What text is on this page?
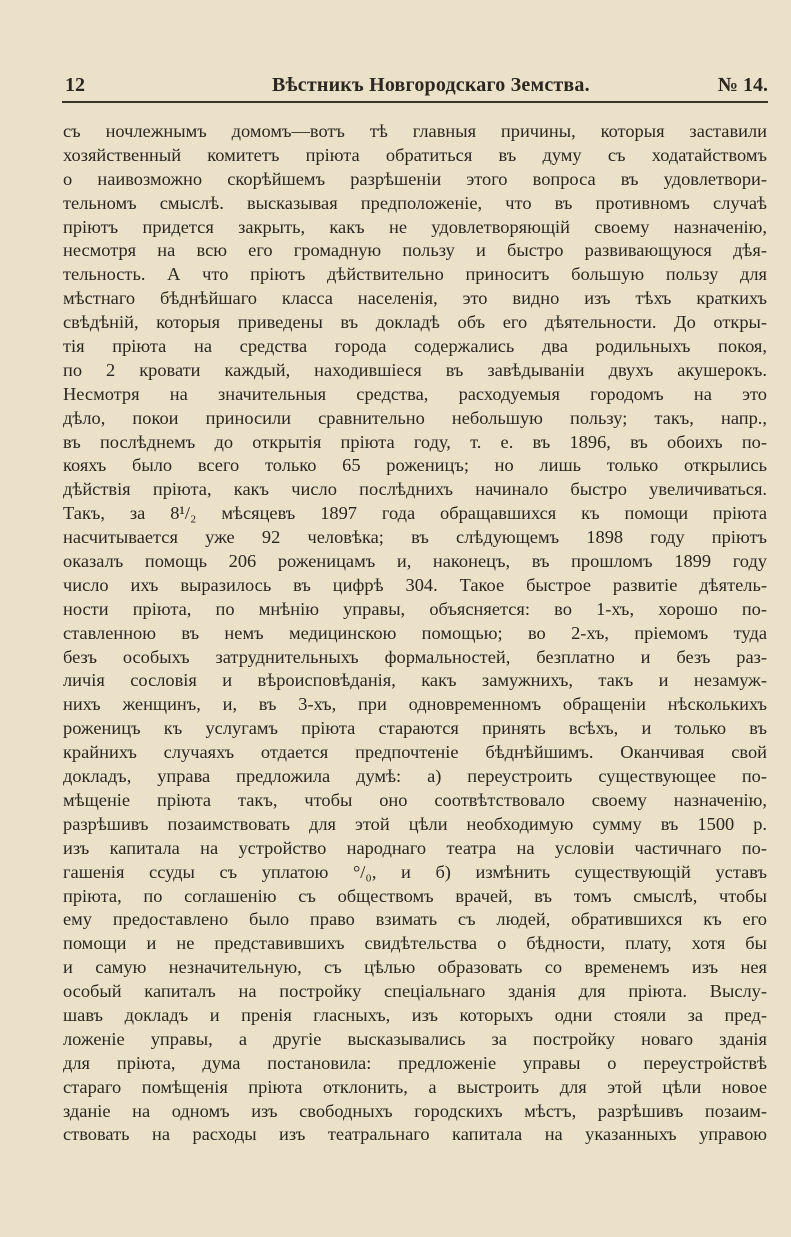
12	Вѣстникъ Новгородскаго Земства.	№ 14.
съ ночлежнымъ домомъ—вотъ тѣ главныя причины, которыя заставили
хозяйственный комитетъ пріюта обратиться въ думу съ ходатайствомъ
о наивозможно скорѣйшемъ разрѣшеніи этого вопроса въ удовлетвори-
тельномъ смыслѣ. высказывая предположеніе, что въ противномъ случаѣ
пріютъ придется закрыть, какъ не удовлетворяющій своему назначенію,
несмотря на всю его громадную пользу и быстро развивающуюся дѣя-
тельность. А что пріютъ дѣйствительно приноситъ большую пользу для
мѣстнаго бѣднѣйшаго класса населенія, это видно изъ тѣхъ краткихъ
свѣдѣній, которыя приведены въ докладѣ объ его дѣятельности. До откры-
тія пріюта на средства города содержались два родильныхъ покоя,
по 2 кровати каждый, находившіеся въ завѣдываніи двухъ акушерокъ.
Несмотря на значительныя средства, расходуемыя городомъ на это
дѣло, покои приносили сравнительно небольшую пользу; такъ, напр.,
въ послѣднемъ до открытія пріюта году, т. е. въ 1896, въ обоихъ по-
кояхъ было всего только 65 роженицъ; но лишь только открылись
дѣйствія пріюта, какъ число послѣднихъ начинало быстро увеличиваться.
Такъ, за 8¹/₂ мѣсяцевъ 1897 года обращавшихся къ помощи пріюта
насчитывается уже 92 человѣка; въ слѣдующемъ 1898 году пріютъ
оказалъ помощь 206 роженицамъ и, наконецъ, въ прошломъ 1899 году
число ихъ выразилось въ цифрѣ 304. Такое быстрое развитіе дѣятель-
ности пріюта, по мнѣнію управы, объясняется: во 1-хъ, хорошо по-
ставленною въ немъ медицинскою помощью; во 2-хъ, пріемомъ туда
безъ особыхъ затруднительныхъ формальностей, безплатно и безъ раз-
личія сословія и вѣроисповѣданія, какъ замужнихъ, такъ и незамуж-
нихъ женщинъ, и, въ 3-хъ, при одновременномъ обращеніи нѣсколькихъ
роженицъ къ услугамъ пріюта стараются принять всѣхъ, и только въ
крайнихъ случаяхъ отдается предпочтеніе бѣднѣйшимъ. Оканчивая свой
докладъ, управа предложила думѣ: а) переустроить существующее по-
мѣщеніе пріюта такъ, чтобы оно соотвѣтствовало своему назначенію,
разрѣшивъ позаимствовать для этой цѣли необходимую сумму въ 1500 р.
изъ капитала на устройство народнаго театра на условіи частичнаго по-
гашенія ссуды съ уплатою °/₀, и б) измѣнить существующій уставъ
пріюта, по соглашенію съ обществомъ врачей, въ томъ смыслѣ, чтобы
ему предоставлено было право взимать съ людей, обратившихся къ его
помощи и не представившихъ свидѣтельства о бѣдности, плату, хотя бы
и самую незначительную, съ цѣлью образовать со временемъ изъ нея
особый капиталъ на постройку спеціальнаго зданія для пріюта. Выслу-
шавъ докладъ и пренія гласныхъ, изъ которыхъ одни стояли за пред-
ложеніе управы, а другіе высказывались за постройку новаго зданія
для пріюта, дума постановила: предложеніе управы о переустройствѣ
стараго помѣщенія пріюта отклонить, а выстроить для этой цѣли новое
зданіе на одномъ изъ свободныхъ городскихъ мѣстъ, разрѣшивъ позаим-
ствовать на расходы изъ театральнаго капитала на указанныхъ управою
